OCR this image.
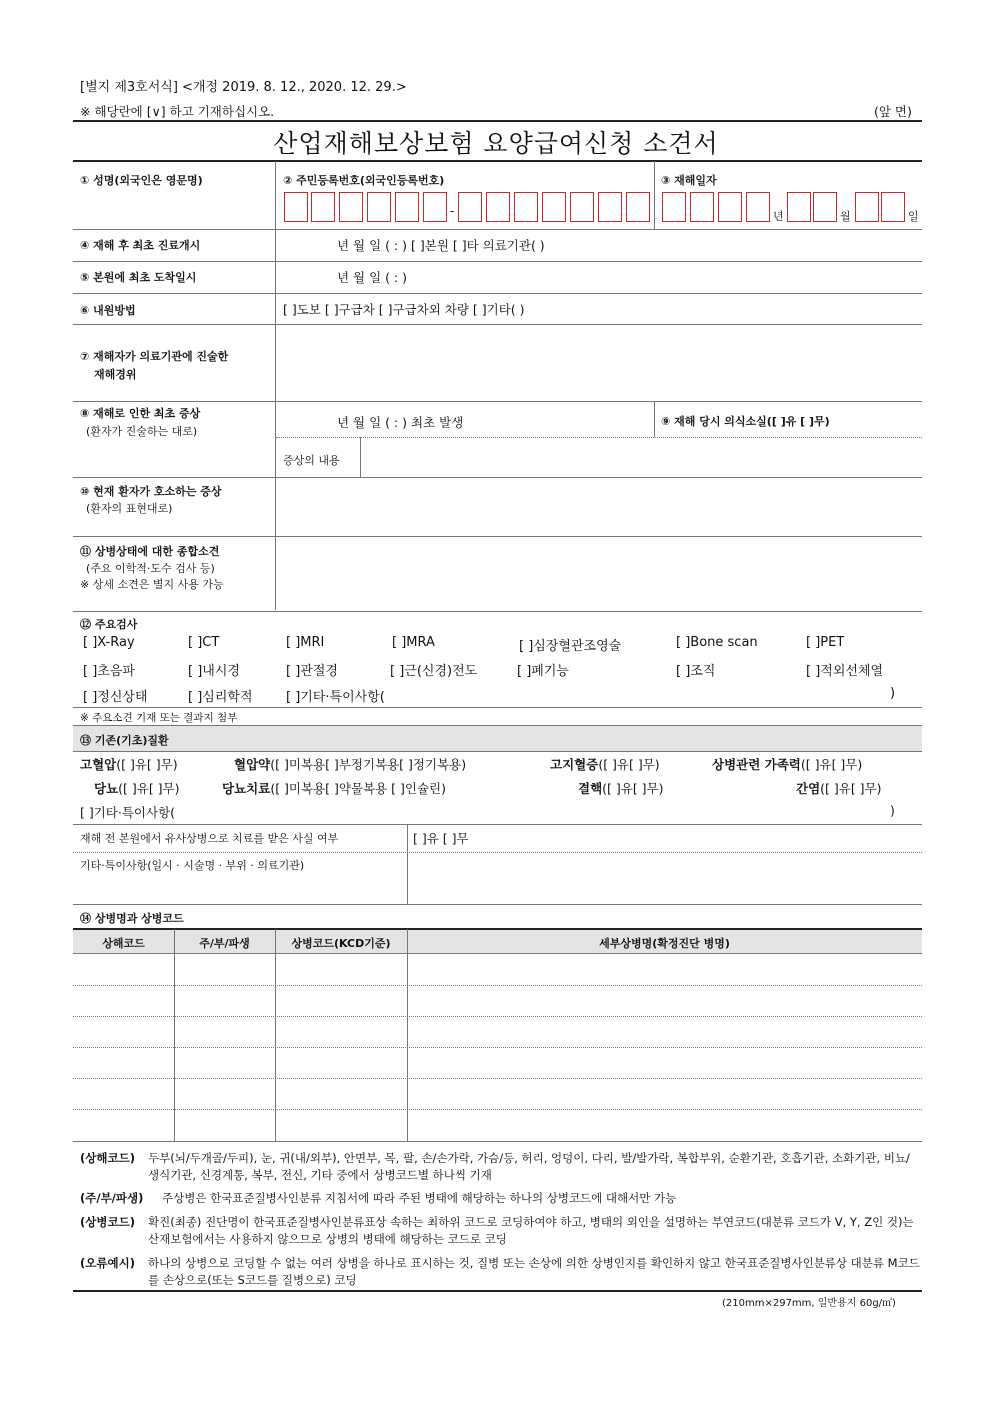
[별지 제3호서식] <개정 2019. 8. 12., 2020. 12. 29.>
※ 해당란에 [∨] 하고 기재하십시오.	(앞 면)
산업재해보상보험 요양급여신청 소견서
① 성명(외국인은 영문명)	② 주민등록번호(외국인등록번호)	③ 재해일자
-	년	월	일
④ 재해 후 최초 진료개시	년 월 일 ( : ) [ ]본원 [ ]타 의료기관( )
⑤ 본원에 최초 도착일시	년 월 일 ( : )
⑥ 내원방법	[ ]도보 [ ]구급차 [ ]구급차외 차량 [ ]기타( )
⑦ 재해자가 의료기관에 진술한
재해경위
⑧ 재해로 인한 최초 증상
(환자가 진술하는 대로)
년 월 일 ( : ) 최초 발생	⑨ 재해 당시 의식소실([ ]유 [ ]무)
증상의 내용
⑩ 현재 환자가 호소하는 증상
(환자의 표현대로)
⑪ 상병상태에 대한 종합소견
(주요 이학적·도수 검사 등)
※ 상세 소견은 별지 사용 가능
⑫ 주요검사
[ ]X-Ray	[ ]CT	[ ]MRI	[ ]MRA	[ ]심장혈관조영술	[ ]Bone scan	[ ]PET
[ ]초음파	[ ]내시경	[ ]관절경	[ ]근(신경)전도	[ ]폐기능	[ ]조직	[ ]적외선체열
[ ]정신상태	[ ]심리학적	[ ]기타·특이사항(	)
※ 주요소견 기재 또는 결과지 첨부
⑬ 기존(기초)질환
고혈압([ ]유[ ]무)	혈압약([ ]미복용[ ]부정기복용[ ]정기복용)	고지혈증([ ]유[ ]무)	상병관련 가족력([ ]유[ ]무)
당뇨([ ]유[ ]무)	당뇨치료([ ]미복용[ ]약물복용 [ ]인슐린)	결핵([ ]유[ ]무)	간염([ ]유[ ]무)
[ ]기타·특이사항(	)
재해 전 본원에서 유사상병으로 치료를 받은 사실 여부	[ ]유 [ ]무
기타·특이사항(일시 · 시술명 · 부위 · 의료기관)
⑭ 상병명과 상병코드
상해코드	주/부/파생	상병코드(KCD기준)	세부상병명(확정진단 병명)
(상해코드)	두부(뇌/두개골/두피), 눈, 귀(내/외부), 안면부, 목, 팔, 손/손가락, 가슴/등, 허리, 엉덩이, 다리, 발/발가락, 복합부위, 순환기관, 호흡기관, 소화기관, 비뇨/생식기관, 신경계통, 복부, 전신, 기타 중에서 상병코드별 하나씩 기재
(주/부/파생)	주상병은 한국표준질병사인분류 지침서에 따라 주된 병태에 해당하는 하나의 상병코드에 대해서만 가능
(상병코드)	확진(최종) 진단명이 한국표준질병사인분류표상 속하는 최하위 코드로 코딩하여야 하고, 병태의 외인을 설명하는 부연코드(대분류 코드가 V, Y, Z인 것)는 산재보험에서는 사용하지 않으므로 상병의 병태에 해당하는 코드로 코딩
(오류예시)	하나의 상병으로 코딩할 수 없는 여러 상병을 하나로 표시하는 것, 질병 또는 손상에 의한 상병인지를 확인하지 않고 한국표준질병사인분류상 대분류 M코드를 손상으로(또는 S코드를 질병으로) 코딩
(210mm×297mm, 일반용지 60g/㎡)
